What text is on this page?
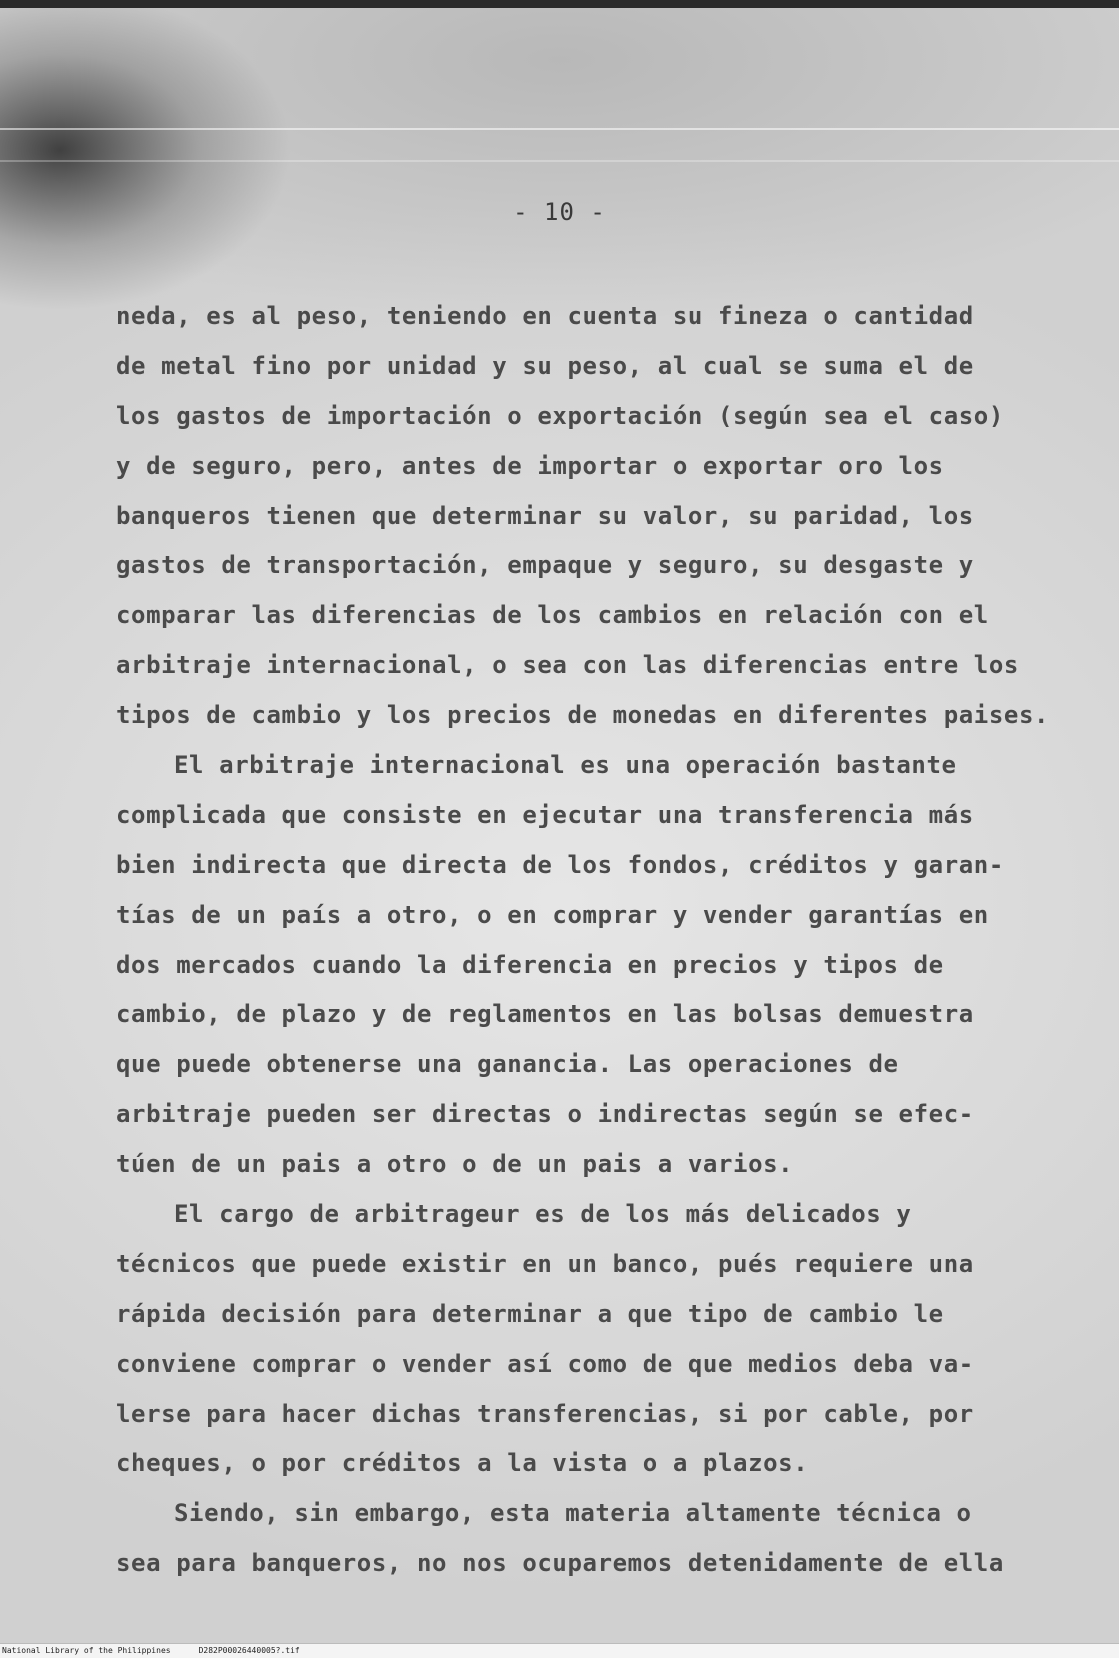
- 10 -
neda, es al peso, teniendo en cuenta su fineza o cantidad
de metal fino por unidad y su peso, al cual se suma el de
los gastos de importación o exportación (según sea el caso)
y de seguro, pero, antes de importar o exportar oro los
banqueros tienen que determinar su valor, su paridad, los
gastos de transportación, empaque y seguro, su desgaste y
comparar las diferencias de los cambios en relación con el
arbitraje internacional, o sea con las diferencias entre los
tipos de cambio y los precios de monedas en diferentes paises.
El arbitraje internacional es una operación bastante
complicada que consiste en ejecutar una transferencia más
bien indirecta que directa de los fondos, créditos y garan-
tías de un país a otro, o en comprar y vender garantías en
dos mercados cuando la diferencia en precios y tipos de
cambio, de plazo y de reglamentos en las bolsas demuestra
que puede obtenerse una ganancia. Las operaciones de
arbitraje pueden ser directas o indirectas según se efec-
túen de un pais a otro o de un pais a varios.
El cargo de arbitrageur es de los más delicados y
técnicos que puede existir en un banco, pués requiere una
rápida decisión para determinar a que tipo de cambio le
conviene comprar o vender así como de que medios deba va-
lerse para hacer dichas transferencias, si por cable, por
cheques, o por créditos a la vista o a plazos.
Siendo, sin embargo, esta materia altamente técnica o
sea para banqueros, no nos ocuparemos detenidamente de ella
National Library of the Philippines	D282P00026440005?.tif
